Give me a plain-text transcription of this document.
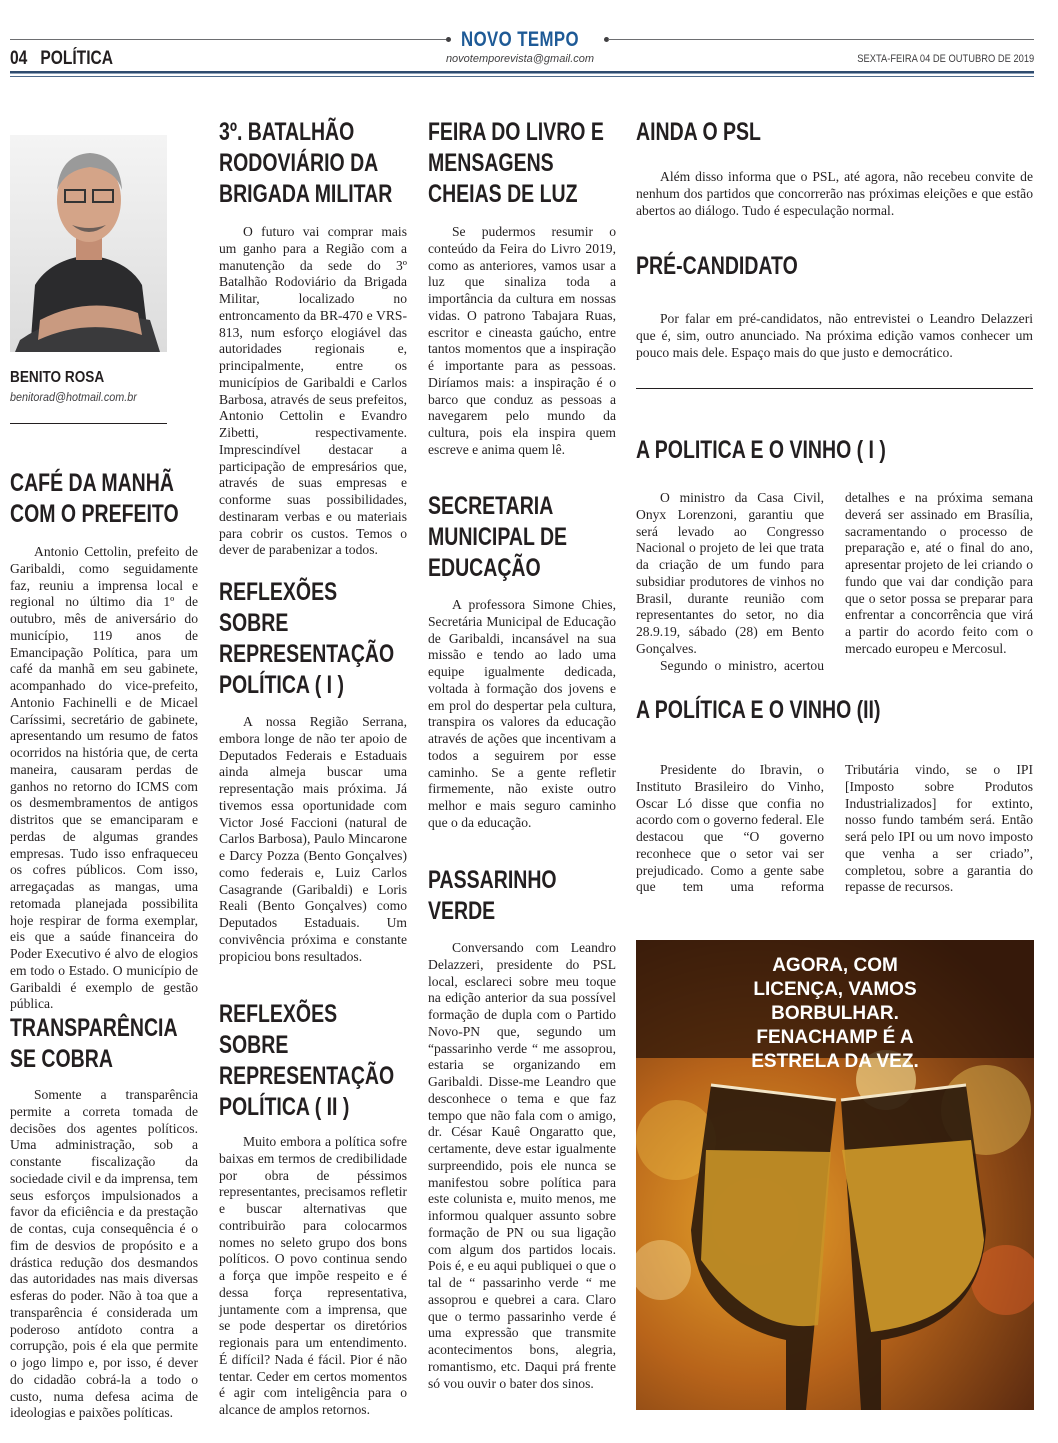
NOVO TEMPO
04   POLÍTICA	novotemporevista@gmail.com	SEXTA-FEIRA 04 DE OUTUBRO DE 2019
BENITO ROSA
benitorad@hotmail.com.br
CAFÉ DA MANHÃ COM O PREFEITO

Antonio Cettolin, prefeito de Garibaldi, como seguidamente faz, reuniu a imprensa local e regional no último dia 1º de outubro, mês de aniversário do município, 119 anos de Emancipação Política, para um café da manhã em seu gabinete, acompanhado do vice-prefeito, Antonio Fachinelli e de Micael Caríssimi, secretário de gabinete, apresentando um resumo de fatos ocorridos na história que, de certa maneira, causaram perdas de ganhos no retorno do ICMS com os desmembramentos de antigos distritos que se emanciparam e perdas de algumas grandes empresas. Tudo isso enfraqueceu os cofres públicos. Com isso, arregaçadas as mangas, uma retomada planejada possibilita hoje respirar de forma exemplar, eis que a saúde financeira do Poder Executivo é alvo de elogios em todo o Estado. O município de Garibaldi é exemplo de gestão pública.

TRANSPARÊNCIA SE COBRA

Somente a transparência permite a correta tomada de decisões dos agentes políticos. Uma administração, sob a constante fiscalização da sociedade civil e da imprensa, tem seus esforços impulsionados a favor da eficiência e da prestação de contas, cuja consequência é o fim de desvios de propósito e a drástica redução dos desmandos das autoridades nas mais diversas esferas do poder. Não à toa que a transparência é considerada um poderoso antídoto contra a corrupção, pois é ela que permite o jogo limpo e, por isso, é dever do cidadão cobrá-la a todo o custo, numa defesa acima de ideologias e paixões políticas.

3º. BATALHÃO RODOVIÁRIO DA BRIGADA MILITAR

O futuro vai comprar mais um ganho para a Região com a manutenção da sede do 3º Batalhão Rodoviário da Brigada Militar, localizado no entroncamento da BR-470 e VRS-813, num esforço elogiável das autoridades regionais e, principalmente, entre os municípios de Garibaldi e Carlos Barbosa, através de seus prefeitos, Antonio Cettolin e Evandro Zibetti, respectivamente. Imprescindível destacar a participação de empresários que, através de suas empresas e conforme suas possibilidades, destinaram verbas e ou materiais para cobrir os custos. Temos o dever de parabenizar a todos.

REFLEXÕES SOBRE REPRESENTAÇÃO POLÍTICA ( I )

A nossa Região Serrana, embora longe de não ter apoio de Deputados Federais e Estaduais ainda almeja buscar uma representação mais próxima. Já tivemos essa oportunidade com Victor José Faccioni (natural de Carlos Barbosa), Paulo Mincarone e Darcy Pozza (Bento Gonçalves) como federais e, Luiz Carlos Casagrande (Garibaldi) e Loris Reali (Bento Gonçalves) como Deputados Estaduais. Um convivência próxima e constante propiciou bons resultados.

REFLEXÕES SOBRE REPRESENTAÇÃO POLÍTICA ( II )

Muito embora a política sofre baixas em termos de credibilidade por obra de péssimos representantes, precisamos refletir e buscar alternativas que contribuirão para colocarmos nomes no seleto grupo dos bons políticos. O povo continua sendo a força que impõe respeito e é dessa força representativa, juntamente com a imprensa, que se pode despertar os diretórios regionais para um entendimento. É difícil? Nada é fácil. Pior é não tentar. Ceder em certos momentos é agir com inteligência para o alcance de amplos retornos.

FEIRA DO LIVRO E MENSAGENS CHEIAS DE LUZ

Se pudermos resumir o conteúdo da Feira do Livro 2019, como as anteriores, vamos usar a luz que sinaliza toda a importância da cultura em nossas vidas. O patrono Tabajara Ruas, escritor e cineasta gaúcho, entre tantos momentos que a inspiração é importante para as pessoas. Diríamos mais: a inspiração é o barco que conduz as pessoas a navegarem pelo mundo da cultura, pois ela inspira quem escreve e anima quem lê.

SECRETARIA MUNICIPAL DE EDUCAÇÃO

A professora Simone Chies, Secretária Municipal de Educação de Garibaldi, incansável na sua missão e tendo ao lado uma equipe igualmente dedicada, voltada à formação dos jovens e em prol do despertar pela cultura, transpira os valores da educação através de ações que incentivam a todos a seguirem por esse caminho. Se a gente refletir firmemente, não existe outro melhor e mais seguro caminho que o da educação.

PASSARINHO VERDE

Conversando com Leandro Delazzeri, presidente do PSL local, esclareci sobre meu toque na edição anterior da sua possível formação de dupla com o Partido Novo-PN que, segundo um “passarinho verde “ me assoprou, estaria se organizando em Garibaldi. Disse-me Leandro que desconhece o tema e que faz tempo que não fala com o amigo, dr. César Kauê Ongaratto que, certamente, deve estar igualmente surpreendido, pois ele nunca se manifestou sobre política para este colunista e, muito menos, me informou qualquer assunto sobre formação de PN ou sua ligação com algum dos partidos locais. Pois é, e eu aqui publiquei o que o tal de “ passarinho verde “ me assoprou e quebrei a cara. Claro que o termo passarinho verde é uma expressão que transmite acontecimentos bons, alegria, romantismo, etc. Daqui prá frente só vou ouvir o bater dos sinos.

AINDA O PSL

Além disso informa que o PSL, até agora, não recebeu convite de nenhum dos partidos que concorrerão nas próximas eleições e que estão abertos ao diálogo. Tudo é especulação normal.

PRÉ-CANDIDATO

Por falar em pré-candidatos, não entrevistei o Leandro Delazzeri que é, sim, outro anunciado. Na próxima edição vamos conhecer um pouco mais dele. Espaço mais do que justo e democrático.

A POLITICA E O VINHO ( I )

O ministro da Casa Civil, Onyx Lorenzoni, garantiu que será levado ao Congresso Nacional o projeto de lei que trata da criação de um fundo para subsidiar produtores de vinhos no Brasil, durante reunião com representantes do setor, no dia 28.9.19, sábado (28) em Bento Gonçalves.

Segundo o ministro, acertou

detalhes e na próxima semana deverá ser assinado em Brasília, sacramentando o processo de preparação e, até o final do ano, apresentar projeto de lei criando o fundo que vai dar condição para que o setor possa se preparar para enfrentar a concorrência que virá a partir do acordo feito com o mercado europeu e Mercosul.

A POLÍTICA E O VINHO (II)

Presidente do Ibravin, o Instituto Brasileiro do Vinho, Oscar Ló disse que confia no acordo com o governo federal. Ele destacou que “O governo reconhece que o setor vai ser prejudicado. Como a gente sabe que tem uma reforma

Tributária vindo, se o IPI [Imposto sobre Produtos Industrializados] for extinto, nosso fundo também será. Então será pelo IPI ou um novo imposto que venha a ser criado”, completou, sobre a garantia do repasse de recursos.

AGORA, COM LICENÇA, VAMOS BORBULHAR. FENACHAMP É A ESTRELA DA VEZ.
